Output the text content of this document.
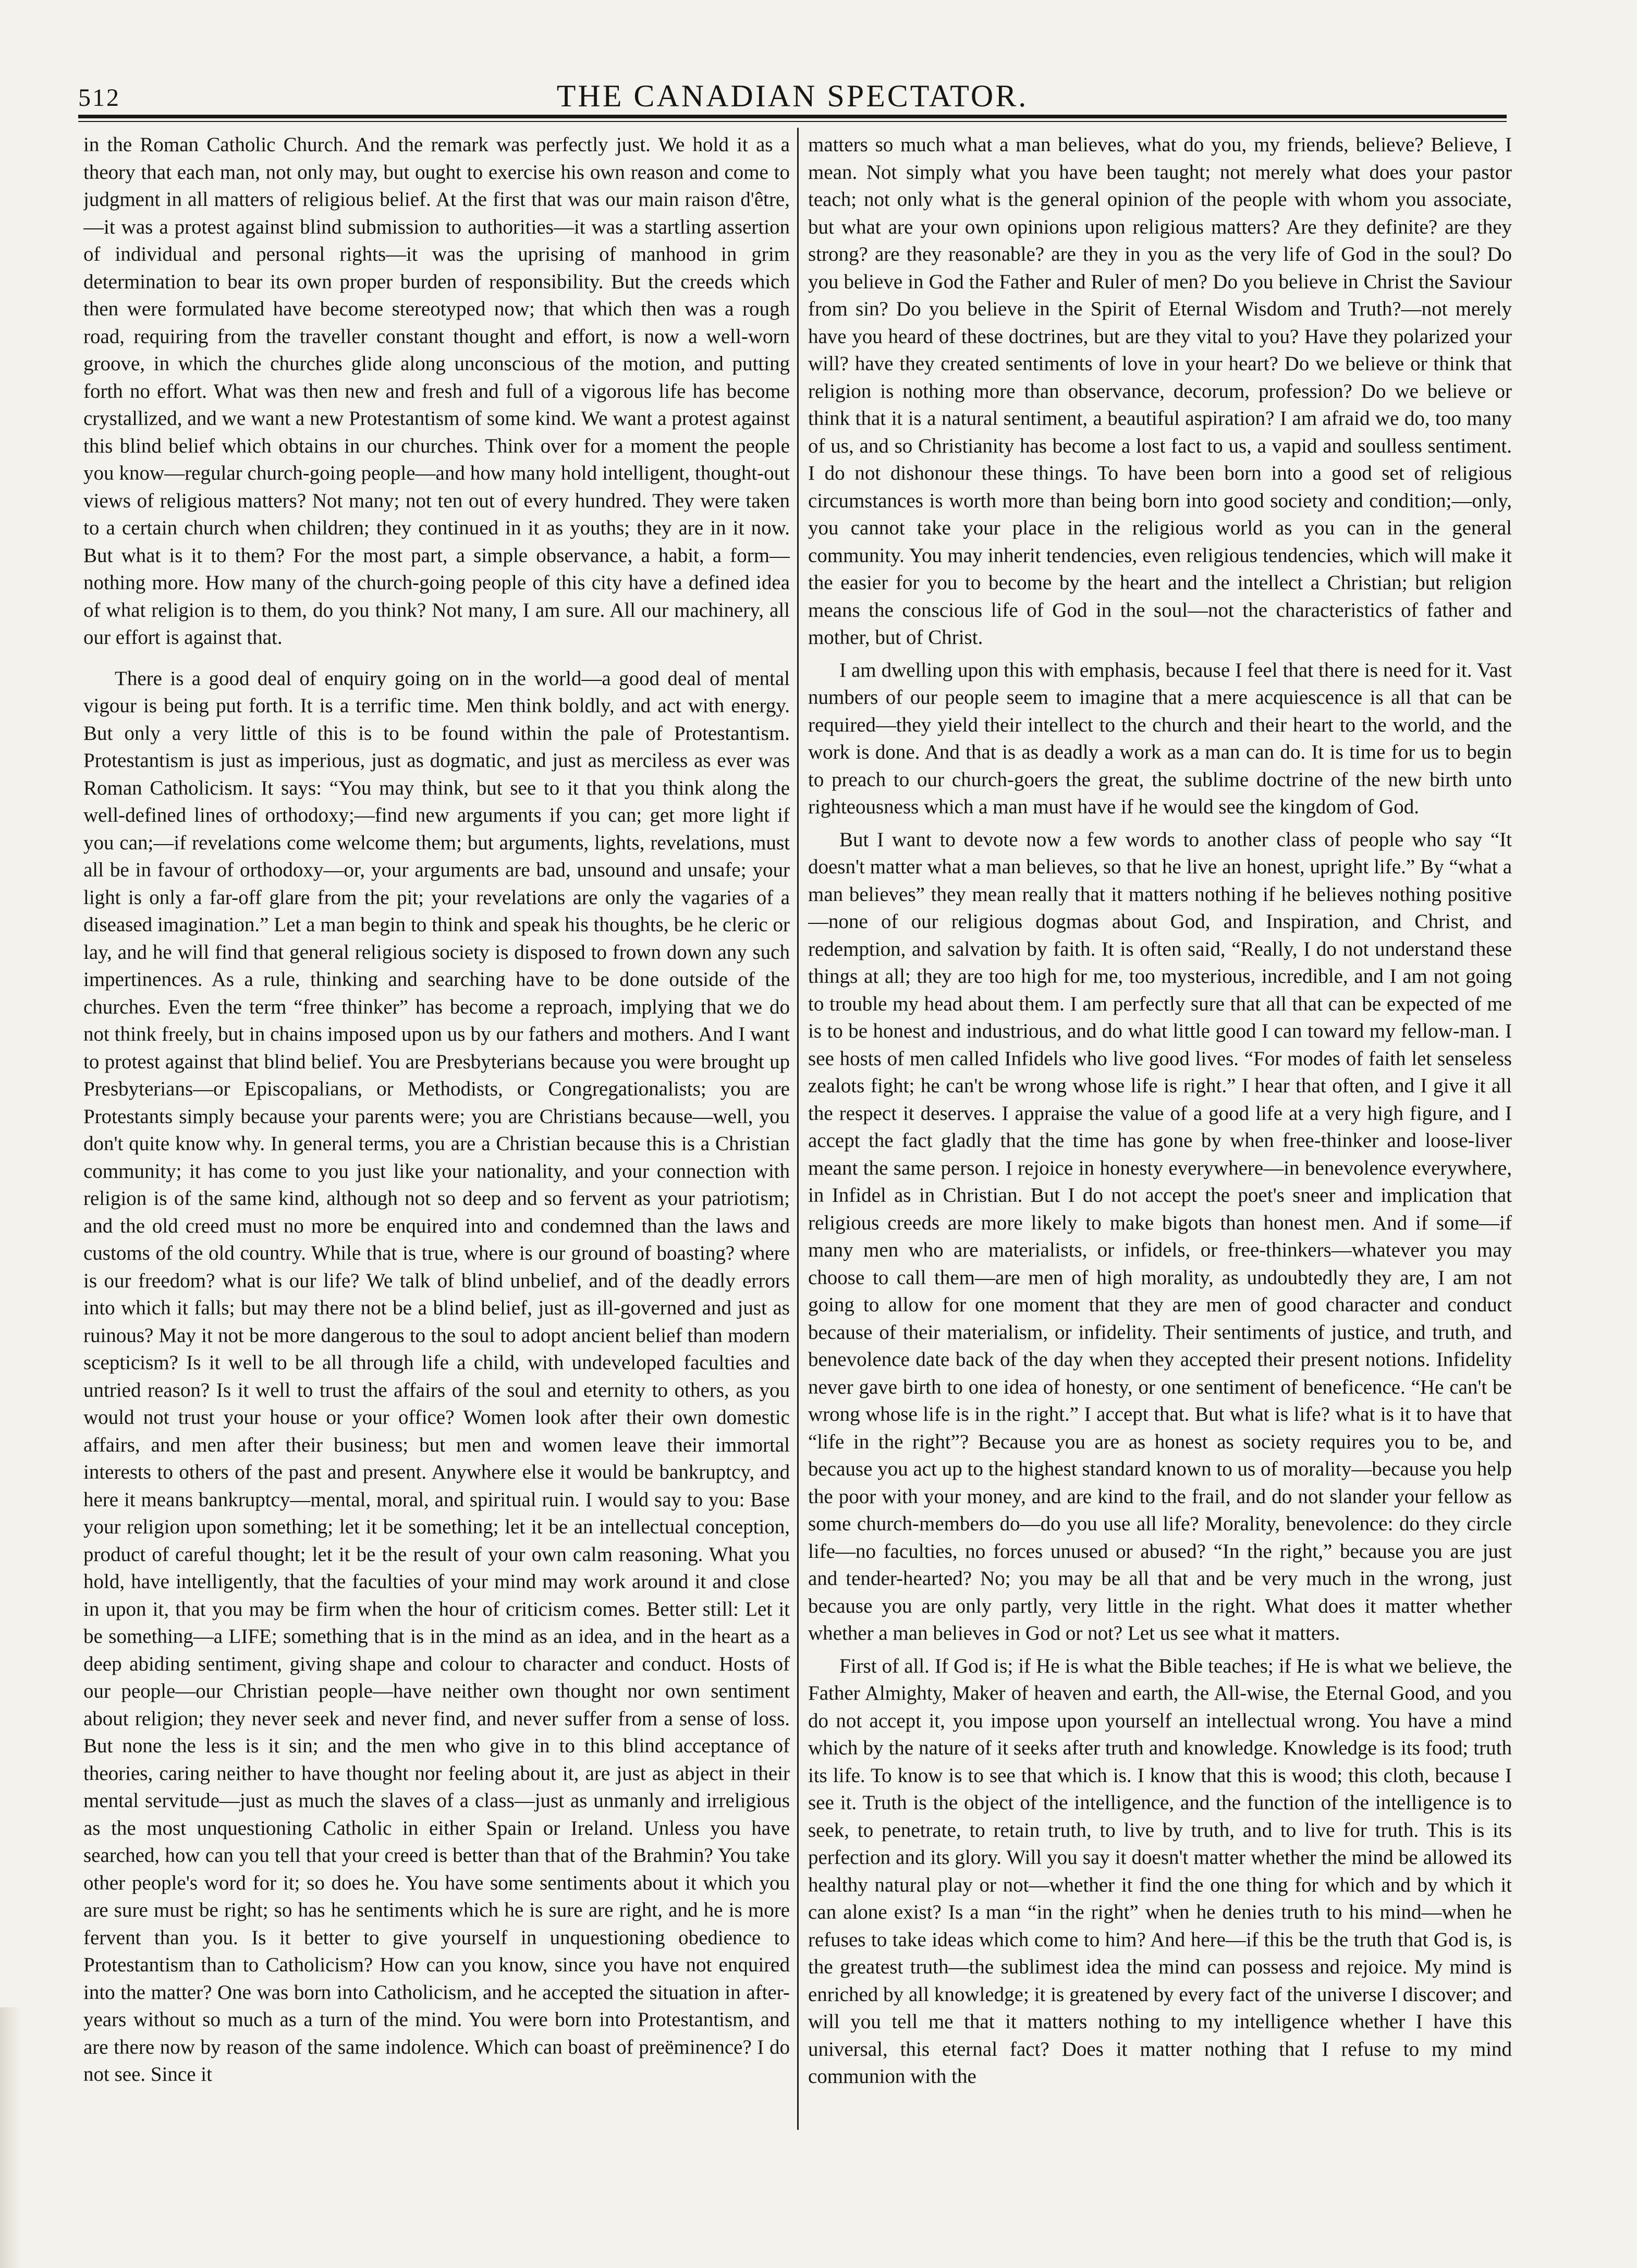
512	THE CANADIAN SPECTATOR.

in the Roman Catholic Church. And the remark was perfectly just. We hold it as a theory that each man, not only may, but ought to exercise his own reason and come to judgment in all matters of religious belief. At the first that was our main raison d'être,—it was a protest against blind submission to authorities—it was a startling assertion of individual and personal rights—it was the uprising of manhood in grim determination to bear its own proper burden of responsibility. But the creeds which then were formulated have become stereotyped now; that which then was a rough road, requiring from the traveller constant thought and effort, is now a well-worn groove, in which the churches glide along unconscious of the motion, and putting forth no effort. What was then new and fresh and full of a vigorous life has become crystallized, and we want a new Protestantism of some kind. We want a protest against this blind belief which obtains in our churches. Think over for a moment the people you know—regular church-going people—and how many hold intelligent, thought-out views of religious matters? Not many; not ten out of every hundred. They were taken to a certain church when children; they continued in it as youths; they are in it now. But what is it to them? For the most part, a simple observance, a habit, a form—nothing more. How many of the church-going people of this city have a defined idea of what religion is to them, do you think? Not many, I am sure. All our machinery, all our effort is against that.

There is a good deal of enquiry going on in the world—a good deal of mental vigour is being put forth. It is a terrific time. Men think boldly, and act with energy. But only a very little of this is to be found within the pale of Protestantism. Protestantism is just as imperious, just as dogmatic, and just as merciless as ever was Roman Catholicism. It says: “You may think, but see to it that you think along the well-defined lines of orthodoxy;—find new arguments if you can; get more light if you can;—if revelations come welcome them; but arguments, lights, revelations, must all be in favour of orthodoxy—or, your arguments are bad, unsound and unsafe; your light is only a far-off glare from the pit; your revelations are only the vagaries of a diseased imagination.” Let a man begin to think and speak his thoughts, be he cleric or lay, and he will find that general religious society is disposed to frown down any such impertinences. As a rule, thinking and searching have to be done outside of the churches. Even the term “free thinker” has become a reproach, implying that we do not think freely, but in chains imposed upon us by our fathers and mothers. And I want to protest against that blind belief. You are Presbyterians because you were brought up Presbyterians—or Episcopalians, or Methodists, or Congregationalists; you are Protestants simply because your parents were; you are Christians because—well, you don't quite know why. In general terms, you are a Christian because this is a Christian community; it has come to you just like your nationality, and your connection with religion is of the same kind, although not so deep and so fervent as your patriotism; and the old creed must no more be enquired into and condemned than the laws and customs of the old country. While that is true, where is our ground of boasting? where is our freedom? what is our life? We talk of blind unbelief, and of the deadly errors into which it falls; but may there not be a blind belief, just as ill-governed and just as ruinous? May it not be more dangerous to the soul to adopt ancient belief than modern scepticism? Is it well to be all through life a child, with undeveloped faculties and untried reason? Is it well to trust the affairs of the soul and eternity to others, as you would not trust your house or your office? Women look after their own domestic affairs, and men after their business; but men and women leave their immortal interests to others of the past and present. Anywhere else it would be bankruptcy, and here it means bankruptcy—mental, moral, and spiritual ruin. I would say to you: Base your religion upon something; let it be something; let it be an intellectual conception, product of careful thought; let it be the result of your own calm reasoning. What you hold, have intelligently, that the faculties of your mind may work around it and close in upon it, that you may be firm when the hour of criticism comes. Better still: Let it be something—a LIFE; something that is in the mind as an idea, and in the heart as a deep abiding sentiment, giving shape and colour to character and conduct. Hosts of our people—our Christian people—have neither own thought nor own sentiment about religion; they never seek and never find, and never suffer from a sense of loss. But none the less is it sin; and the men who give in to this blind acceptance of theories, caring neither to have thought nor feeling about it, are just as abject in their mental servitude—just as much the slaves of a class—just as unmanly and irreligious as the most unquestioning Catholic in either Spain or Ireland. Unless you have searched, how can you tell that your creed is better than that of the Brahmin? You take other people's word for it; so does he. You have some sentiments about it which you are sure must be right; so has he sentiments which he is sure are right, and he is more fervent than you. Is it better to give yourself in unquestioning obedience to Protestantism than to Catholicism? How can you know, since you have not enquired into the matter? One was born into Catholicism, and he accepted the situation in after-years without so much as a turn of the mind. You were born into Protestantism, and are there now by reason of the same indolence. Which can boast of preëminence? I do not see. Since it

matters so much what a man believes, what do you, my friends, believe? Believe, I mean. Not simply what you have been taught; not merely what does your pastor teach; not only what is the general opinion of the people with whom you associate, but what are your own opinions upon religious matters? Are they definite? are they strong? are they reasonable? are they in you as the very life of God in the soul? Do you believe in God the Father and Ruler of men? Do you believe in Christ the Saviour from sin? Do you believe in the Spirit of Eternal Wisdom and Truth?—not merely have you heard of these doctrines, but are they vital to you? Have they polarized your will? have they created sentiments of love in your heart? Do we believe or think that religion is nothing more than observance, decorum, profession? Do we believe or think that it is a natural sentiment, a beautiful aspiration? I am afraid we do, too many of us, and so Christianity has become a lost fact to us, a vapid and soulless sentiment. I do not dishonour these things. To have been born into a good set of religious circumstances is worth more than being born into good society and condition;—only, you cannot take your place in the religious world as you can in the general community. You may inherit tendencies, even religious tendencies, which will make it the easier for you to become by the heart and the intellect a Christian; but religion means the conscious life of God in the soul—not the characteristics of father and mother, but of Christ.

I am dwelling upon this with emphasis, because I feel that there is need for it. Vast numbers of our people seem to imagine that a mere acquiescence is all that can be required—they yield their intellect to the church and their heart to the world, and the work is done. And that is as deadly a work as a man can do. It is time for us to begin to preach to our church-goers the great, the sublime doctrine of the new birth unto righteousness which a man must have if he would see the kingdom of God.

But I want to devote now a few words to another class of people who say “It doesn't matter what a man believes, so that he live an honest, upright life.” By “what a man believes” they mean really that it matters nothing if he believes nothing positive—none of our religious dogmas about God, and Inspiration, and Christ, and redemption, and salvation by faith. It is often said, “Really, I do not understand these things at all; they are too high for me, too mysterious, incredible, and I am not going to trouble my head about them. I am perfectly sure that all that can be expected of me is to be honest and industrious, and do what little good I can toward my fellow-man. I see hosts of men called Infidels who live good lives. “For modes of faith let senseless zealots fight; he can't be wrong whose life is right.” I hear that often, and I give it all the respect it deserves. I appraise the value of a good life at a very high figure, and I accept the fact gladly that the time has gone by when free-thinker and loose-liver meant the same person. I rejoice in honesty everywhere—in benevolence everywhere, in Infidel as in Christian. But I do not accept the poet's sneer and implication that religious creeds are more likely to make bigots than honest men. And if some—if many men who are materialists, or infidels, or free-thinkers—whatever you may choose to call them—are men of high morality, as undoubtedly they are, I am not going to allow for one moment that they are men of good character and conduct because of their materialism, or infidelity. Their sentiments of justice, and truth, and benevolence date back of the day when they accepted their present notions. Infidelity never gave birth to one idea of honesty, or one sentiment of beneficence. “He can't be wrong whose life is in the right.” I accept that. But what is life? what is it to have that “life in the right”? Because you are as honest as society requires you to be, and because you act up to the highest standard known to us of morality—because you help the poor with your money, and are kind to the frail, and do not slander your fellow as some church-members do—do you use all life? Morality, benevolence: do they circle life—no faculties, no forces unused or abused? “In the right,” because you are just and tender-hearted? No; you may be all that and be very much in the wrong, just because you are only partly, very little in the right. What does it matter whether whether a man believes in God or not? Let us see what it matters.

First of all. If God is; if He is what the Bible teaches; if He is what we believe, the Father Almighty, Maker of heaven and earth, the All-wise, the Eternal Good, and you do not accept it, you impose upon yourself an intellectual wrong. You have a mind which by the nature of it seeks after truth and knowledge. Knowledge is its food; truth its life. To know is to see that which is. I know that this is wood; this cloth, because I see it. Truth is the object of the intelligence, and the function of the intelligence is to seek, to penetrate, to retain truth, to live by truth, and to live for truth. This is its perfection and its glory. Will you say it doesn't matter whether the mind be allowed its healthy natural play or not—whether it find the one thing for which and by which it can alone exist? Is a man “in the right” when he denies truth to his mind—when he refuses to take ideas which come to him? And here—if this be the truth that God is, is the greatest truth—the sublimest idea the mind can possess and rejoice. My mind is enriched by all knowledge; it is greatened by every fact of the universe I discover; and will you tell me that it matters nothing to my intelligence whether I have this universal, this eternal fact? Does it matter nothing that I refuse to my mind communion with the
